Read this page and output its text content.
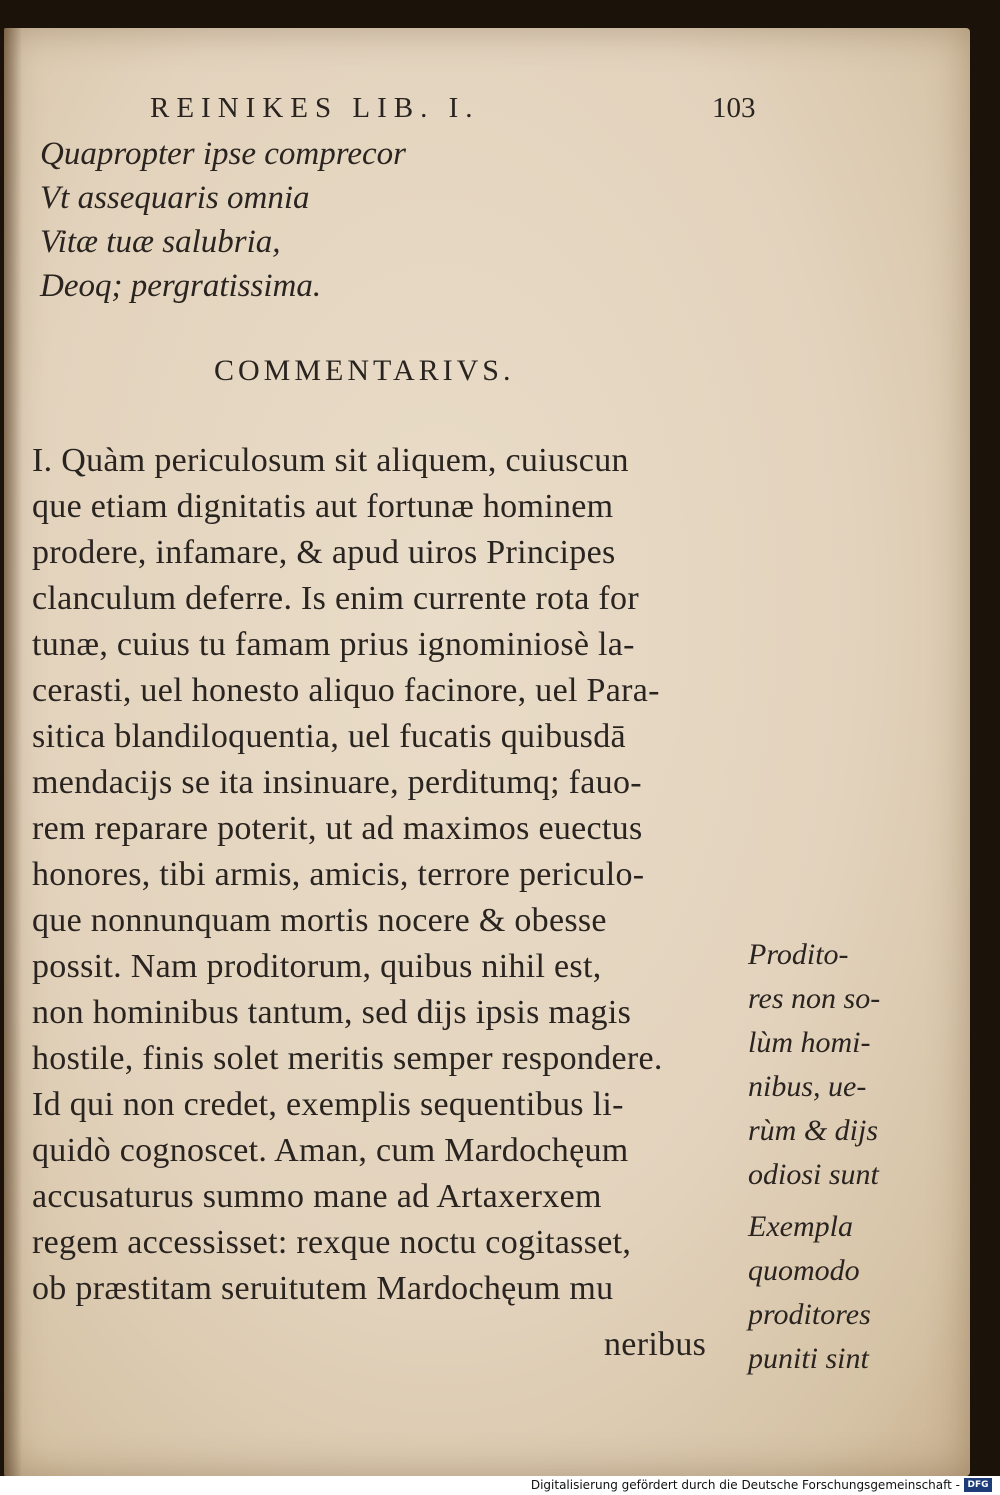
REINIKES LIB. I.	103

Quapropter ipse comprecor

Vt assequaris omnia

Vitæ tuæ salubria,

Deoq; pergratissima.

COMMENTARIVS.

I. Quàm periculosum sit aliquem, cuiuscun

que etiam dignitatis aut fortunæ hominem

prodere, infamare, & apud uiros Principes

clanculum deferre. Is enim currente rota for

tunæ, cuius tu famam prius ignominiosè la-

cerasti, uel honesto aliquo facinore, uel Para-

sitica blandiloquentia, uel fucatis quibusdā

mendacijs se ita insinuare, perditumq; fauo-

rem reparare poterit, ut ad maximos euectus

honores, tibi armis, amicis, terrore periculo-

que nonnunquam mortis nocere & obesse

possit. Nam proditorum, quibus nihil est,

non hominibus tantum, sed dijs ipsis magis

hostile, finis solet meritis semper respondere.

Id qui non credet, exemplis sequentibus li-

quidò cognoscet. Aman, cum Mardochęum

accusaturus summo mane ad Artaxerxem

regem accessisset: rexque noctu cogitasset,

ob præstitam seruitutem Mardochęum mu

neribus

Prodito-

res non so-

lùm homi-

nibus, ue-

rùm & dijs

odiosi sunt

Exempla

quomodo

proditores

puniti sint

Digitalisierung gefördert durch die Deutsche Forschungsgemeinschaft - DFG
